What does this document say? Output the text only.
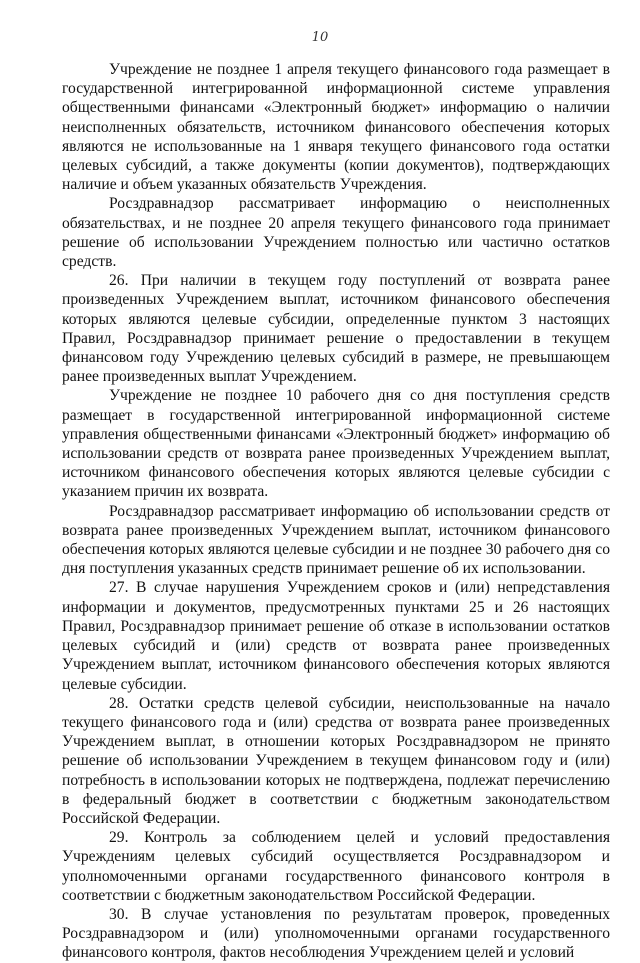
10

Учреждение не позднее 1 апреля текущего финансового года размещает в государственной интегрированной информационной системе управления общественными финансами «Электронный бюджет» информацию о наличии неисполненных обязательств, источником финансового обеспечения которых являются не использованные на 1 января текущего финансового года остатки целевых субсидий, а также документы (копии документов), подтверждающих наличие и объем указанных обязательств Учреждения.

Росздравнадзор рассматривает информацию о неисполненных обязательствах, и не позднее 20 апреля текущего финансового года принимает решение об использовании Учреждением полностью или частично остатков средств.

26. При наличии в текущем году поступлений от возврата ранее произведенных Учреждением выплат, источником финансового обеспечения которых являются целевые субсидии, определенные пунктом 3 настоящих Правил, Росздравнадзор принимает решение о предоставлении в текущем финансовом году Учреждению целевых субсидий в размере, не превышающем ранее произведенных выплат Учреждением.

Учреждение не позднее 10 рабочего дня со дня поступления средств размещает в государственной интегрированной информационной системе управления общественными финансами «Электронный бюджет» информацию об использовании средств от возврата ранее произведенных Учреждением выплат, источником финансового обеспечения которых являются целевые субсидии с указанием причин их возврата.

Росздравнадзор рассматривает информацию об использовании средств от возврата ранее произведенных Учреждением выплат, источником финансового обеспечения которых являются целевые субсидии и не позднее 30 рабочего дня со дня поступления указанных средств принимает решение об их использовании.

27. В случае нарушения Учреждением сроков и (или) непредставления информации и документов, предусмотренных пунктами 25 и 26 настоящих Правил, Росздравнадзор принимает решение об отказе в использовании остатков целевых субсидий и (или) средств от возврата ранее произведенных Учреждением выплат, источником финансового обеспечения которых являются целевые субсидии.

28. Остатки средств целевой субсидии, неиспользованные на начало текущего финансового года и (или) средства от возврата ранее произведенных Учреждением выплат, в отношении которых Росздравнадзором не принято решение об использовании Учреждением в текущем финансовом году и (или) потребность в использовании которых не подтверждена, подлежат перечислению в федеральный бюджет в соответствии с бюджетным законодательством Российской Федерации.

29. Контроль за соблюдением целей и условий предоставления Учреждениям целевых субсидий осуществляется Росздравнадзором и уполномоченными органами государственного финансового контроля в соответствии с бюджетным законодательством Российской Федерации.

30. В случае установления по результатам проверок, проведенных Росздравнадзором и (или) уполномоченными органами государственного финансового контроля, фактов несоблюдения Учреждением целей и условий
